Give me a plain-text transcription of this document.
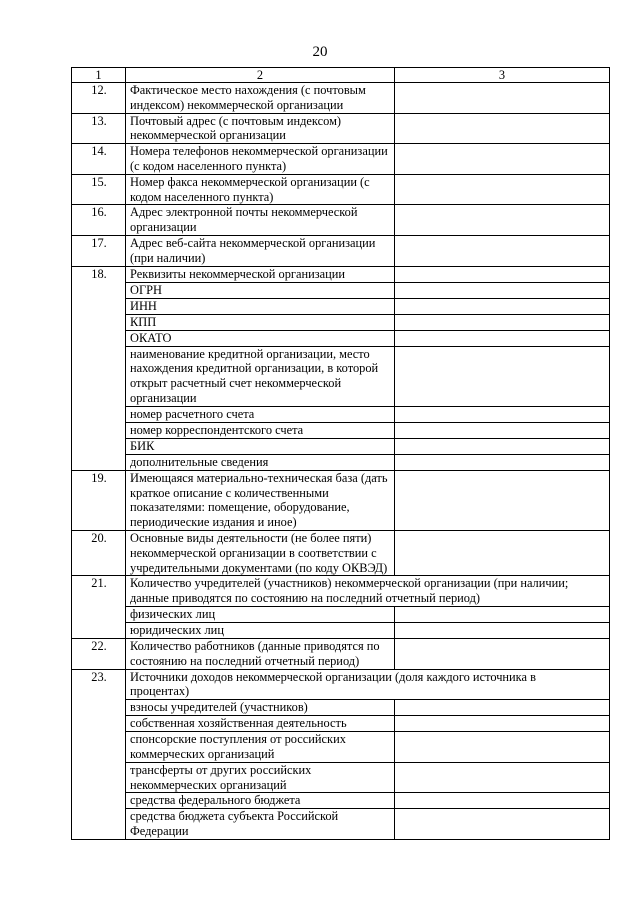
20
1	2	3
12.	Фактическое место нахождения (с почтовым индексом) некоммерческой организации	
13.	Почтовый адрес (с почтовым индексом) некоммерческой организации	
14.	Номера телефонов некоммерческой организации (с кодом населенного пункта)	
15.	Номер факса некоммерческой организации (с кодом населенного пункта)	
16.	Адрес электронной почты некоммерческой организации	
17.	Адрес веб-сайта некоммерческой организации (при наличии)	
18.	Реквизиты некоммерческой организации	
	ОГРН	
	ИНН	
	КПП	
	ОКАТО	
	наименование кредитной организации, место нахождения кредитной организации, в которой открыт расчетный счет некоммерческой организации	
	номер расчетного счета	
	номер корреспондентского счета	
	БИК	
	дополнительные сведения	
19.	Имеющаяся материально-техническая база (дать краткое описание с количественными показателями: помещение, оборудование, периодические издания и иное)	
20.	Основные виды деятельности (не более пяти) некоммерческой организации в соответствии с учредительными документами (по коду ОКВЭД)	
21.	Количество учредителей (участников) некоммерческой организации (при наличии; данные приводятся по состоянию на последний отчетный период)	
	физических лиц	
	юридических лиц	
22.	Количество работников (данные приводятся по состоянию на последний отчетный период)	
23.	Источники доходов некоммерческой организации (доля каждого источника в процентах)	
	взносы учредителей (участников)	
	собственная хозяйственная деятельность	
	спонсорские поступления от российских коммерческих организаций	
	трансферты от других российских некоммерческих организаций	
	средства федерального бюджета	
	средства бюджета субъекта Российской Федерации	
